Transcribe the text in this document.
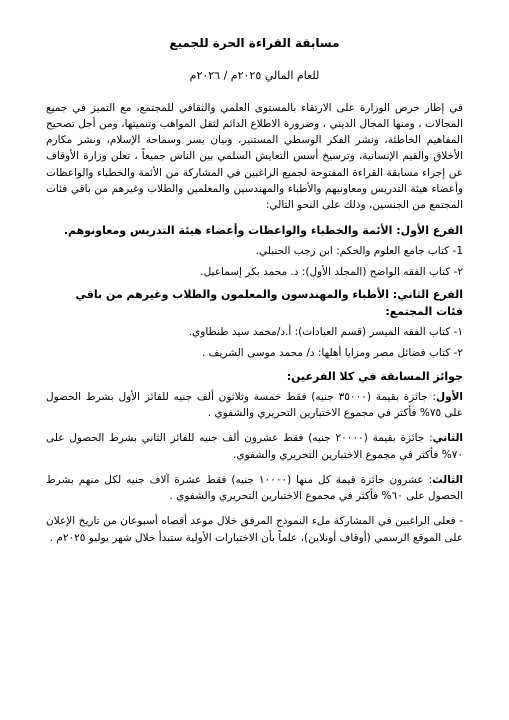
مسابقة القراءة الحرة للجميع
للعام المالي ٢٠٢٥م / ٢٠٢٦م

في إطار حرص الوزارة على الارتقاء بالمستوى العلمي والثقافي للمجتمع، مع التميز في جميع المجالات ، ومنها المجال الديني ، وضرورة الاطلاع الدائم لثقل المواهب وتنميتها، ومن أجل تصحيح المفاهيم الخاطئة، ونشر الفكر الوسطي المستنير، وبيان يسر وسماحة الإسلام، ونشر مكارم الأخلاق والقيم الإنسانية، وترسيخ أسس التعايش السلمي بين الناس جميعاً ، تعلن وزارة الأوقاف عن إجراء مسابقة القراءة المفتوحة لجميع الراغبين في المشاركة من الأئمة والخطباء والواعظات وأعضاء هيئة التدريس ومعاونيهم والأطباء والمهندسين والمعلمين والطلاب وغيرهم من باقي فئات المجتمع من الجنسين، وذلك على النحو التالي:

الفرع الأول: الأئمة والخطباء والواعظات وأعضاء هيئة التدريس ومعاونوهم.

1- كتاب جامع العلوم والحكم: ابن رجب الحنبلي.

٢- كتاب الفقه الواضح (المجلد الأول): د. محمد بكر إسماعيل.

الفرع الثاني: الأطباء والمهندسون والمعلمون والطلاب وغيرهم من باقي فئات المجتمع:

١- كتاب الفقه الميسر (قسم العبادات): أ.د/محمد سيد طنطاوي.

٢- كتاب فضائل مصر ومزايا أهلها: د/ محمد موسى الشريف .

جوائز المسابقة في كلا الفرعين:

الأول: جائزة بقيمة (٣٥٠٠٠ جنيه) فقط خمسة وثلاثون ألف جنيه للفائز الأول بشرط الحصول على ٧٥% فأكثر في مجموع الاختبارين التحريري والشفوي .

الثاني: جائزة بقيمة (٢٠٠٠٠ جنيه) فقط عشرون ألف جنيه للفائز الثاني بشرط الحصول على ٧٠% فأكثر في مجموع الاختبارين التحريري والشفوي.

الثالث: عشرون جائزة قيمة كل منها (١٠٠٠٠ جنيه) فقط عشرة آلاف جنيه لكل منهم بشرط الحصول على ٦٠% فأكثر في مجموع الاختبارين التحريري والشفوي .

- فعلى الراغبين في المشاركة ملء النموذج المرفق خلال موعد أقصاه أسبوعان من تاريخ الإعلان على الموقع الرسمي (أوقاف أونلاين)، علماً بأن الاختبارات الأولية ستبدأ خلال شهر يوليو ٢٠٢٥م .
